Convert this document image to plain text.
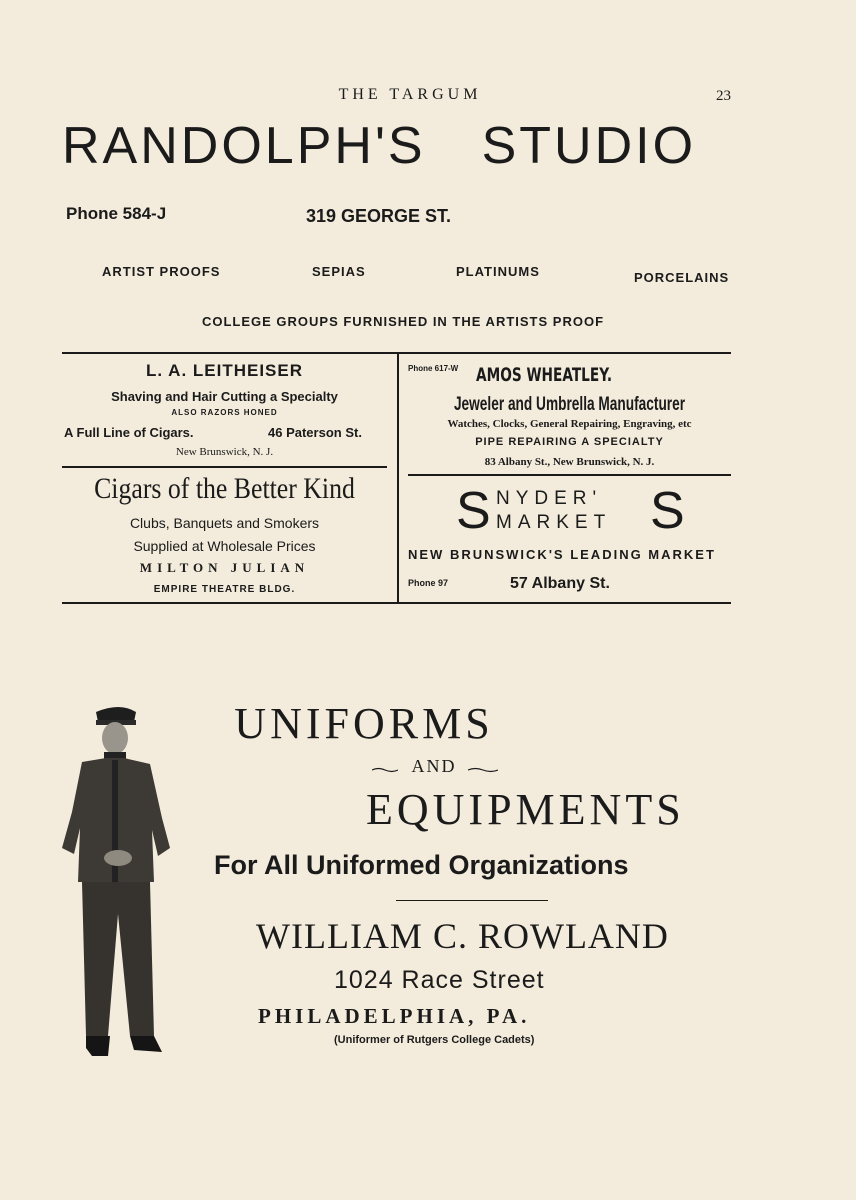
THE TARGUM	23
RANDOLPH'S STUDIO
Phone 584-J	319 GEORGE ST.
ARTIST PROOFS	SEPIAS	PLATINUMS	PORCELAINS
COLLEGE GROUPS FURNISHED IN THE ARTISTS PROOF
L. A. LEITHEISER
Shaving and Hair Cutting a Specialty
ALSO RAZORS HONED
A Full Line of Cigars.	46 Paterson St.
New Brunswick, N. J.
Cigars of the Better Kind
Clubs, Banquets and Smokers
Supplied at Wholesale Prices
MILTON JULIAN
EMPIRE THEATRE BLDG.
Phone 617-W AMOS WHEATLEY.
Jeweler and Umbrella Manufacturer
Watches, Clocks, General Repairing, Engraving, etc
PIPE REPAIRING A SPECIALTY
83 Albany St., New Brunswick, N. J.
S NYDER'
MARKET S
NEW BRUNSWICK'S LEADING MARKET
Phone 97	57 Albany St.
UNIFORMS
AND
EQUIPMENTS
For All Uniformed Organizations
WILLIAM C. ROWLAND
1024 Race Street
PHILADELPHIA, PA.
(Uniformer of Rutgers College Cadets)
